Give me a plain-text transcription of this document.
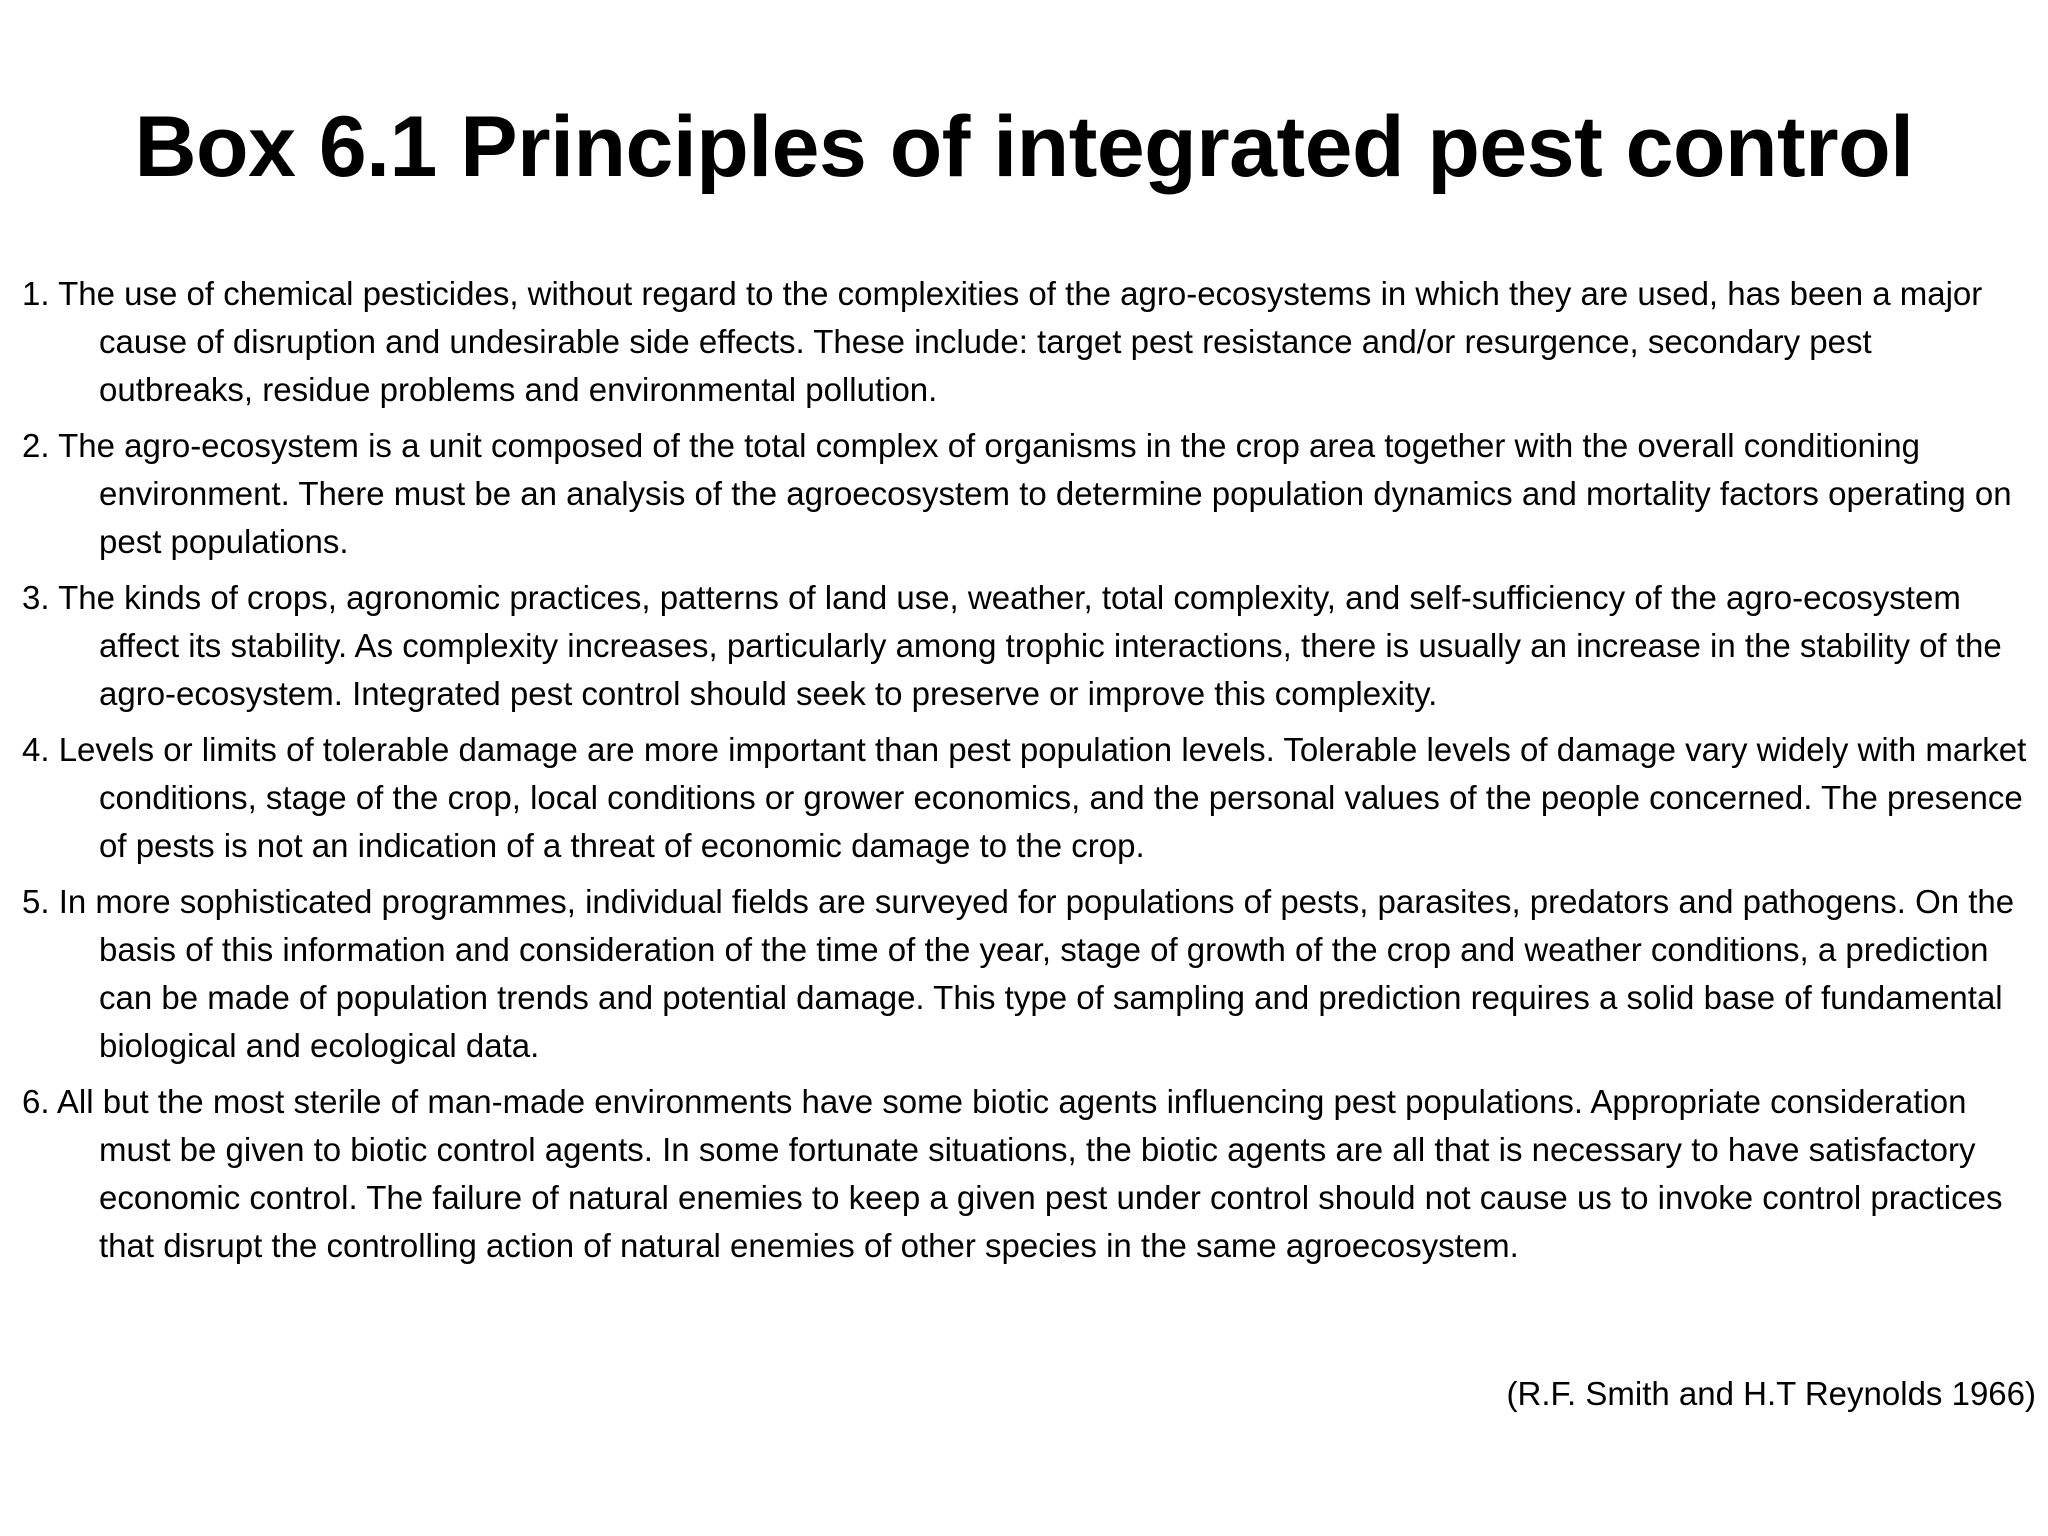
Box 6.1 Principles of integrated pest control

1. The use of chemical pesticides, without regard to the complexities of the agro-ecosystems in which they are used, has been a major cause of disruption and undesirable side effects. These include: target pest resistance and/or resurgence, secondary pest outbreaks, residue problems and environmental pollution.

2. The agro-ecosystem is a unit composed of the total complex of organisms in the crop area together with the overall conditioning environment. There must be an analysis of the agroecosystem to determine population dynamics and mortality factors operating on pest populations.

3. The kinds of crops, agronomic practices, patterns of land use, weather, total complexity, and self-sufficiency of the agro-ecosystem affect its stability. As complexity increases, particularly among trophic interactions, there is usually an increase in the stability of the agro-ecosystem. Integrated pest control should seek to preserve or improve this complexity.

4. Levels or limits of tolerable damage are more important than pest population levels. Tolerable levels of damage vary widely with market conditions, stage of the crop, local conditions or grower economics, and the personal values of the people concerned. The presence of pests is not an indication of a threat of economic damage to the crop.

5. In more sophisticated programmes, individual fields are surveyed for populations of pests, parasites, predators and pathogens. On the basis of this information and consideration of the time of the year, stage of growth of the crop and weather conditions, a prediction can be made of population trends and potential damage. This type of sampling and prediction requires a solid base of fundamental biological and ecological data.

6. All but the most sterile of man-made environments have some biotic agents influencing pest populations. Appropriate consideration must be given to biotic control agents. In some fortunate situations, the biotic agents are all that is necessary to have satisfactory economic control. The failure of natural enemies to keep a given pest under control should not cause us to invoke control practices that disrupt the controlling action of natural enemies of other species in the same agroecosystem.

(R.F. Smith and H.T Reynolds 1966)
